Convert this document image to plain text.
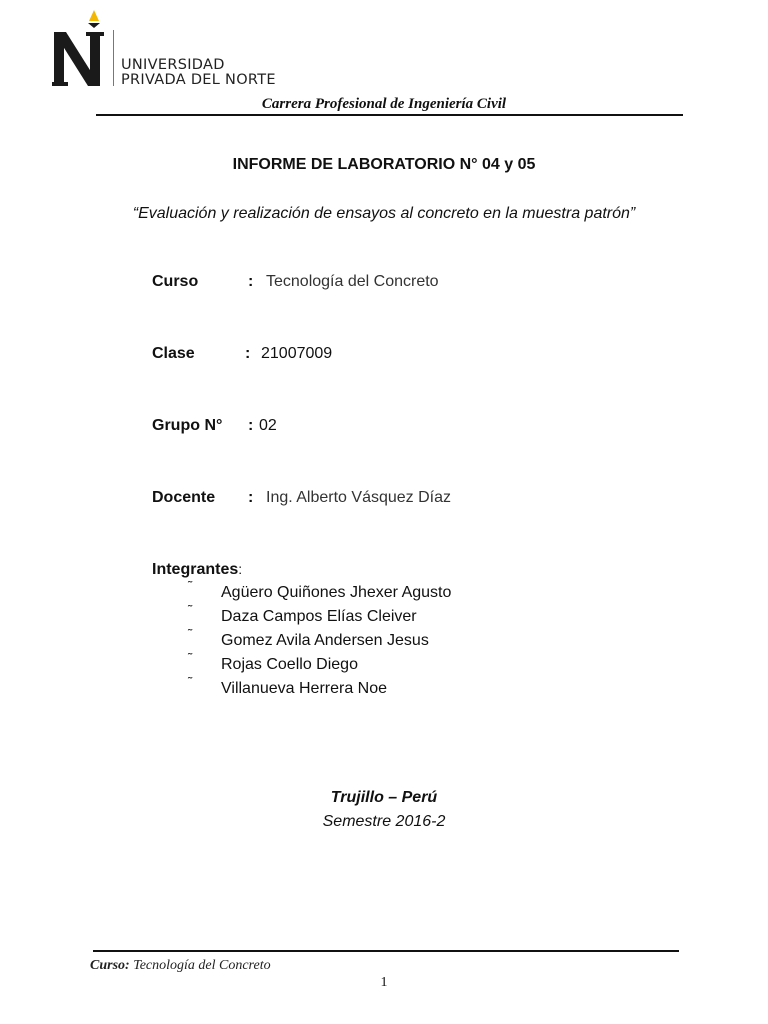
UNIVERSIDAD
PRIVADA DEL NORTE
Carrera Profesional de Ingeniería Civil
INFORME DE LABORATORIO N° 04 y 05
“Evaluación y realización de ensayos al concreto en la muestra patrón”
Curso	: Tecnología del Concreto
Clase	: 21007009
Grupo N° : 02
Docente : Ing. Alberto Vásquez Díaz
Integrantes:
˜ Agüero Quiñones Jhexer Agusto
˜ Daza Campos Elías Cleiver
˜ Gomez Avila Andersen Jesus
˜ Rojas Coello Diego
˜ Villanueva Herrera Noe
Trujillo – Perú
Semestre 2016-2
Curso: Tecnología del Concreto
1
